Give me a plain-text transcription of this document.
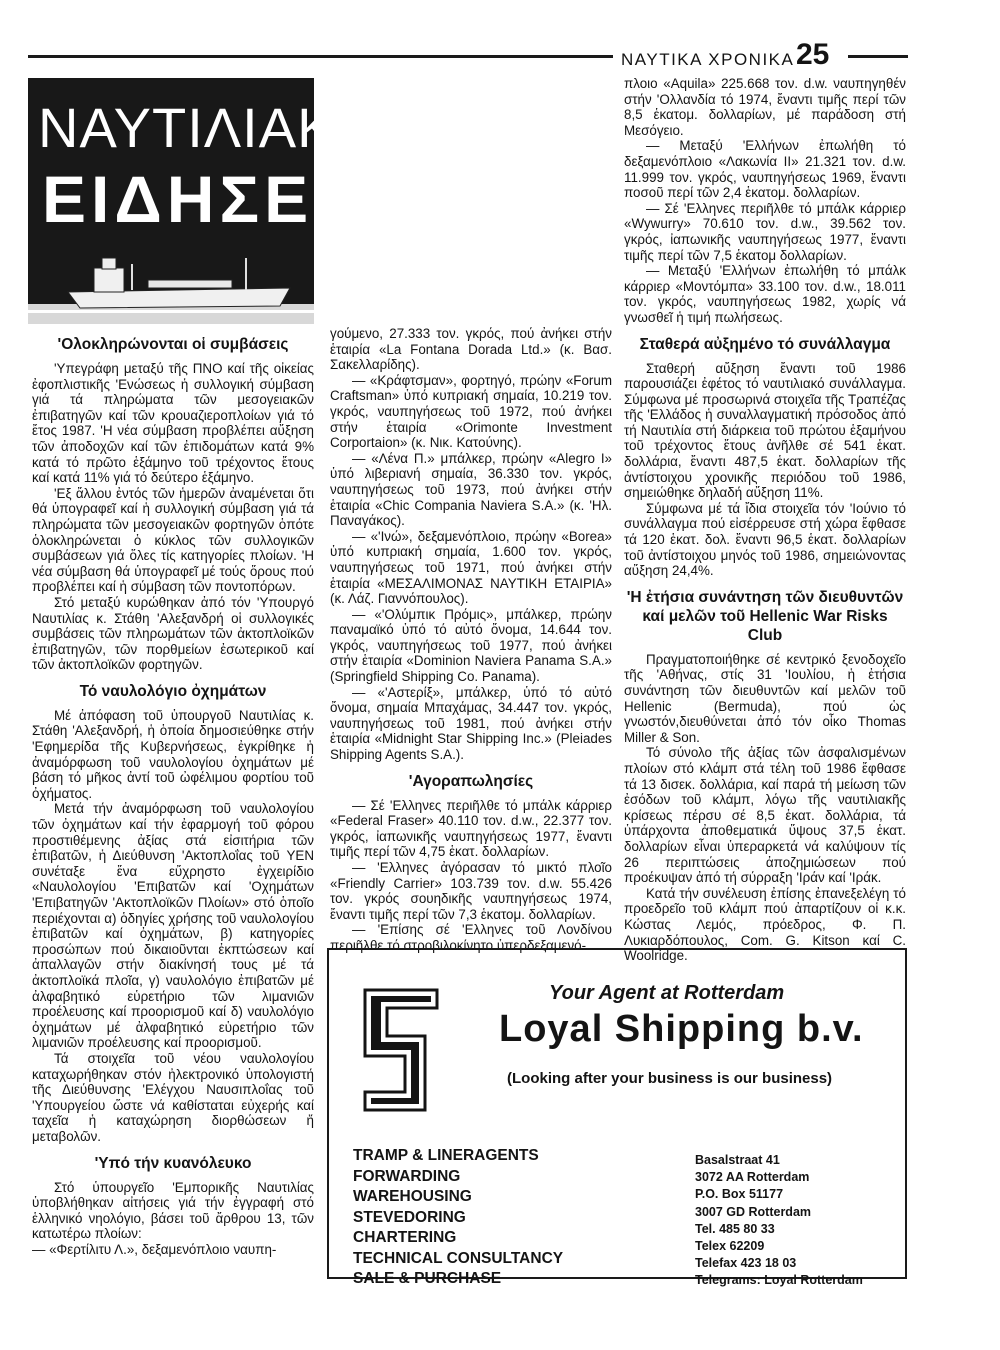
ΝΑΥΤΙΚΑ ΧΡΟΝΙΚΑ 25
ΝΑΥΤΙΛΙΑΚΕΣ
ΕΙΔΗΣΕΙΣ
'Ολοκληρώνονται οἱ συμβάσεις

'Υπεγράφη μεταξύ τῆς ΠΝΟ καί τῆς οἰκείας ἐφοπλιστικῆς 'Ενώσεως ἡ συλλογική σύμβαση γιά τά πληρώματα τῶν μεσογειακῶν ἐπιβατηγῶν καί τῶν κρουαζιεροπλοίων γιά τό ἔτος 1987. 'Η νέα σύμβαση προβλέπει αὔξηση τῶν ἀποδοχῶν καί τῶν ἐπιδομάτων κατά 9% κατά τό πρῶτο ἑξάμηνο τοῦ τρέχοντος ἔτους καί κατά 11% γιά τό δεύτερο ἑξάμηνο.

'Εξ ἄλλου ἐντός τῶν ἡμερῶν ἀναμένεται ὅτι θά ὑπογραφεῖ καί ἡ συλλογική σύμβαση γιά τά πληρώματα τῶν μεσογειακῶν φορτηγῶν ὁπότε ὁλοκληρώνεται ὁ κύκλος τῶν συλλογικῶν συμβάσεων γιά ὅλες τίς κατηγορίες πλοίων. 'Η νέα σύμβαση θά ὑπογραφεῖ μέ τούς ὅρους πού προβλέπει καί ἡ σύμβαση τῶν ποντοπόρων.

Στό μεταξύ κυρώθηκαν ἀπό τόν 'Υπουργό Ναυτιλίας κ. Στάθη 'Αλεξανδρή οἱ συλλογικές συμβάσεις τῶν πληρωμάτων τῶν ἀκτοπλοϊκῶν ἐπιβατηγῶν, τῶν πορθμείων ἐσωτερικοῦ καί τῶν ἀκτοπλοϊκῶν φορτηγῶν.

Τό ναυλολόγιο ὀχημάτων

Μέ ἀπόφαση τοῦ ὑπουργοῦ Ναυτιλίας κ. Στάθη 'Αλεξανδρή, ἡ ὁποία δημοσιεύθηκε στήν 'Εφημερίδα τῆς Κυβερνήσεως, ἐγκρίθηκε ἡ ἀναμόρφωση τοῦ ναυλολογίου ὀχημάτων μέ βάση τό μῆκος ἀντί τοῦ ὠφέλιμου φορτίου τοῦ ὀχήματος.

Μετά τήν ἀναμόρφωση τοῦ ναυλολογίου τῶν ὀχημάτων καί τήν ἐφαρμογή τοῦ φόρου προστιθέμενης ἀξίας στά εἰσιτήρια τῶν ἐπιβατῶν, ἡ Διεύθυνση 'Ακτοπλοΐας τοῦ ΥΕΝ συνέταξε ἕνα εὔχρηστο ἐγχειρίδιο «Ναυλολογίου 'Επιβατῶν καί 'Οχημάτων 'Επιβατηγῶν 'Ακτοπλοϊκῶν Πλοίων» στό ὁποῖο περιέχονται α) ὁδηγίες χρήσης τοῦ ναυλολογίου ἐπιβατῶν καί ὀχημάτων, β) κατηγορίες προσώπων πού δικαιοῦνται ἐκπτώσεων καί ἀπαλλαγῶν στήν διακίνησή τους μέ τά ἀκτοπλοϊκά πλοῖα, γ) ναυλολόγιο ἐπιβατῶν μέ ἀλφαβητικό εὑρετήριο τῶν λιμανιῶν προέλευσης καί προορισμοῦ καί δ) ναυλολόγιο ὀχημάτων μέ ἀλφαβητικό εὑρετήριο τῶν λιμανιῶν προέλευσης καί προορισμοῦ.

Τά στοιχεῖα τοῦ νέου ναυλολογίου καταχωρήθηκαν στόν ἠλεκτρονικό ὑπολογιστή τῆς Διεύθυνσης 'Ελέγχου Ναυσιπλοΐας τοῦ 'Υπουργείου ὥστε νά καθίσταται εὐχερής καί ταχεῖα ἡ καταχώρηση διορθώσεων ἤ μεταβολῶν.

'Υπό τήν κυανόλευκο

Στό ὑπουργεῖο 'Εμπορικῆς Ναυτιλίας ὑποβλήθηκαν αἰτήσεις γιά τήν ἐγγραφή στό ἑλληνικό νηολόγιο, βάσει τοῦ ἄρθρου 13, τῶν κατωτέρω πλοίων:

— «Φερτίλιτυ Λ.», δεξαμενόπλοιο ναυπη-

γούμενο, 27.333 τον. γκρός, πού ἀνήκει στήν ἑταιρία «La Fontana Dorada Ltd.» (κ. Βασ. Σακελλαρίδης).

— «Κράφτσμαν», φορτηγό, πρώην «Forum Craftsman» ὑπό κυπριακή σημαία, 10.219 τον. γκρός, ναυπηγήσεως τοῦ 1972, πού ἀνήκει στήν ἑταιρία «Orimonte Investment Corportaion» (κ. Νικ. Κατούνης).

— «Λένα Π.» μπάλκερ, πρώην «Alegro I» ὑπό λιβεριανή σημαία, 36.330 τον. γκρός, ναυπηγήσεως τοῦ 1973, πού ἀνήκει στήν ἑταιρία «Chic Compania Naviera S.A.» (κ. 'Ηλ. Παναγάκος).

— «'Ινώ», δεξαμενόπλοιο, πρώην «Borea» ὑπό κυπριακή σημαία, 1.600 τον. γκρός, ναυπηγήσεως τοῦ 1971, πού ἀνήκει στήν ἑταιρία «ΜΕΣΑΛΙΜΟΝΑΣ ΝΑΥΤΙΚΗ ΕΤΑΙΡΙΑ» (κ. Λάζ. Γιαννόπουλος).

— «'Ολύμπικ Πρόμις», μπάλκερ, πρώην παναμαϊκό ὑπό τό αὐτό ὄνομα, 14.644 τον. γκρός, ναυπηγήσεως τοῦ 1977, πού ἀνήκει στήν ἑταιρία «Dominion Naviera Panama S.A.» (Springfield Shipping Co. Panama).

— «'Αστερίξ», μπάλκερ, ὑπό τό αὐτό ὄνομα, σημαία Μπαχάμας, 34.447 τον. γκρός, ναυπηγήσεως τοῦ 1981, πού ἀνήκει στήν ἑταιρία «Midnight Star Shipping Inc.» (Pleiades Shipping Agents S.A.).

'Αγοραπωλησίες

— Σέ 'Ελληνες περιῆλθε τό μπάλκ κάρριερ «Federal Fraser» 40.110 τον. d.w., 22.377 τον. γκρός, ἰαπωνικῆς ναυπηγήσεως 1977, ἔναντι τιμῆς περί τῶν 4,75 ἑκατ. δολλαρίων.

— 'Ελληνες ἀγόρασαν τό μικτό πλοῖο «Friendly Carrier» 103.739 τον. d.w. 55.426 τον. γκρός σουηδικῆς ναυπηγήσεως 1974, ἔναντι τιμῆς περί τῶν 7,3 ἑκατομ. δολλαρίων.

— 'Επίσης σέ 'Ελληνες τοῦ Λονδίνου περιῆλθε τό στροβιλοκίνητο ὑπερδεξαμενό-

πλοιο «Aquila» 225.668 τον. d.w. ναυπηγηθέν στήν 'Ολλανδία τό 1974, ἔναντι τιμῆς περί τῶν 8,5 ἑκατομ. δολλαρίων, μέ παράδοση στή Μεσόγειο.

— Μεταξύ 'Ελλήνων ἐπωλήθη τό δεξαμενόπλοιο «Λακωνία ΙΙ» 21.321 τον. d.w. 11.999 τον. γκρός, ναυπηγήσεως 1969, ἔναντι ποσοῦ περί τῶν 2,4 ἑκατομ. δολλαρίων.

— Σέ 'Ελληνες περιῆλθε τό μπάλκ κάρριερ «Wywurry» 70.610 τον. d.w., 39.562 τον. γκρός, ἰαπωνικῆς ναυπηγήσεως 1977, ἔναντι τιμῆς περί τῶν 7,5 ἑκατομ δολλαρίων.

— Μεταξύ 'Ελλήνων ἐπωλήθη τό μπάλκ κάρριερ «Μοντόμπα» 33.100 τον. d.w., 18.011 τον. γκρός, ναυπηγήσεως 1982, χωρίς νά γνωσθεῖ ἡ τιμή πωλήσεως.

Σταθερά αὐξημένο τό συνάλλαγμα

Σταθερή αὔξηση ἔναντι τοῦ 1986 παρουσιάζει ἐφέτος τό ναυτιλιακό συνάλλαγμα. Σύμφωνα μέ προσωρινά στοιχεῖα τῆς Τραπέζας τῆς 'Ελλάδος ἡ συναλλαγματική πρόσοδος ἀπό τή Ναυτιλία στή διάρκεια τοῦ πρώτου ἑξαμήνου τοῦ τρέχοντος ἔτους ἀνῆλθε σέ 541 ἑκατ. δολλάρια, ἔναντι 487,5 ἑκατ. δολλαρίων τῆς ἀντίστοιχου χρονικῆς περιόδου τοῦ 1986, σημειώθηκε δηλαδή αὔξηση 11%.

Σύμφωνα μέ τά ἴδια στοιχεῖα τόν 'Ιούνιο τό συνάλλαγμα πού εἰσέρρευσε στή χώρα ἔφθασε τά 120 ἑκατ. δολ. ἔναντι 96,5 ἑκατ. δολλαρίων τοῦ ἀντίστοιχου μηνός τοῦ 1986, σημειώνοντας αὔξηση 24,4%.

'Η ἐτήσια συνάντηση τῶν διευθυντῶν καί μελῶν τοῦ Hellenic War Risks Club

Πραγματοποιήθηκε σέ κεντρικό ξενοδοχεῖο τῆς 'Αθήνας, στίς 31 'Ιουλίου, ἡ ἐτήσια συνάντηση τῶν διευθυντῶν καί μελῶν τοῦ Hellenic (Bermuda), πού ὡς γνωστόν,διευθύνεται ἀπό τόν οἶκο Thomas Miller & Son.

Τό σύνολο τῆς ἀξίας τῶν ἀσφαλισμένων πλοίων στό κλάμπ στά τέλη τοῦ 1986 ἔφθασε τά 13 δισεκ. δολλάρια, καί παρά τή μείωση τῶν ἐσόδων τοῦ κλάμπ, λόγω τῆς ναυτιλιακῆς κρίσεως πέρσυ σέ 8,5 ἑκατ. δολλάρια, τά ὑπάρχοντα ἀποθεματικά ὕψους 37,5 ἑκατ. δολλαρίων εἶναι ὑπεραρκετά νά καλύψουν τίς 26 περιπτώσεις ἀποζημιώσεων πού προέκυψαν ἀπό τή σύρραξη 'Ιράν καί 'Ιράκ.

Κατά τήν συνέλευση ἐπίσης ἐπανεξελέγη τό προεδρεῖο τοῦ κλάμπ πού ἀπαρτίζουν οἱ κ.κ. Κώστας Λεμός, πρόεδρος, Φ. Π. Λυκιαρδόπουλος, Com. G. Kitson καί C. Woolridge.

Your Agent at Rotterdam
Loyal Shipping b.v.
(Looking after your business is our business)
TRAMP & LINERAGENTS
FORWARDING
WAREHOUSING
STEVEDORING
CHARTERING
TECHNICAL CONSULTANCY
SALE & PURCHASE
Basalstraat 41
3072 AA Rotterdam
P.O. Box 51177
3007 GD Rotterdam
Tel. 485 80 33
Telex 62209
Telefax 423 18 03
Telegrams: Loyal Rotterdam
